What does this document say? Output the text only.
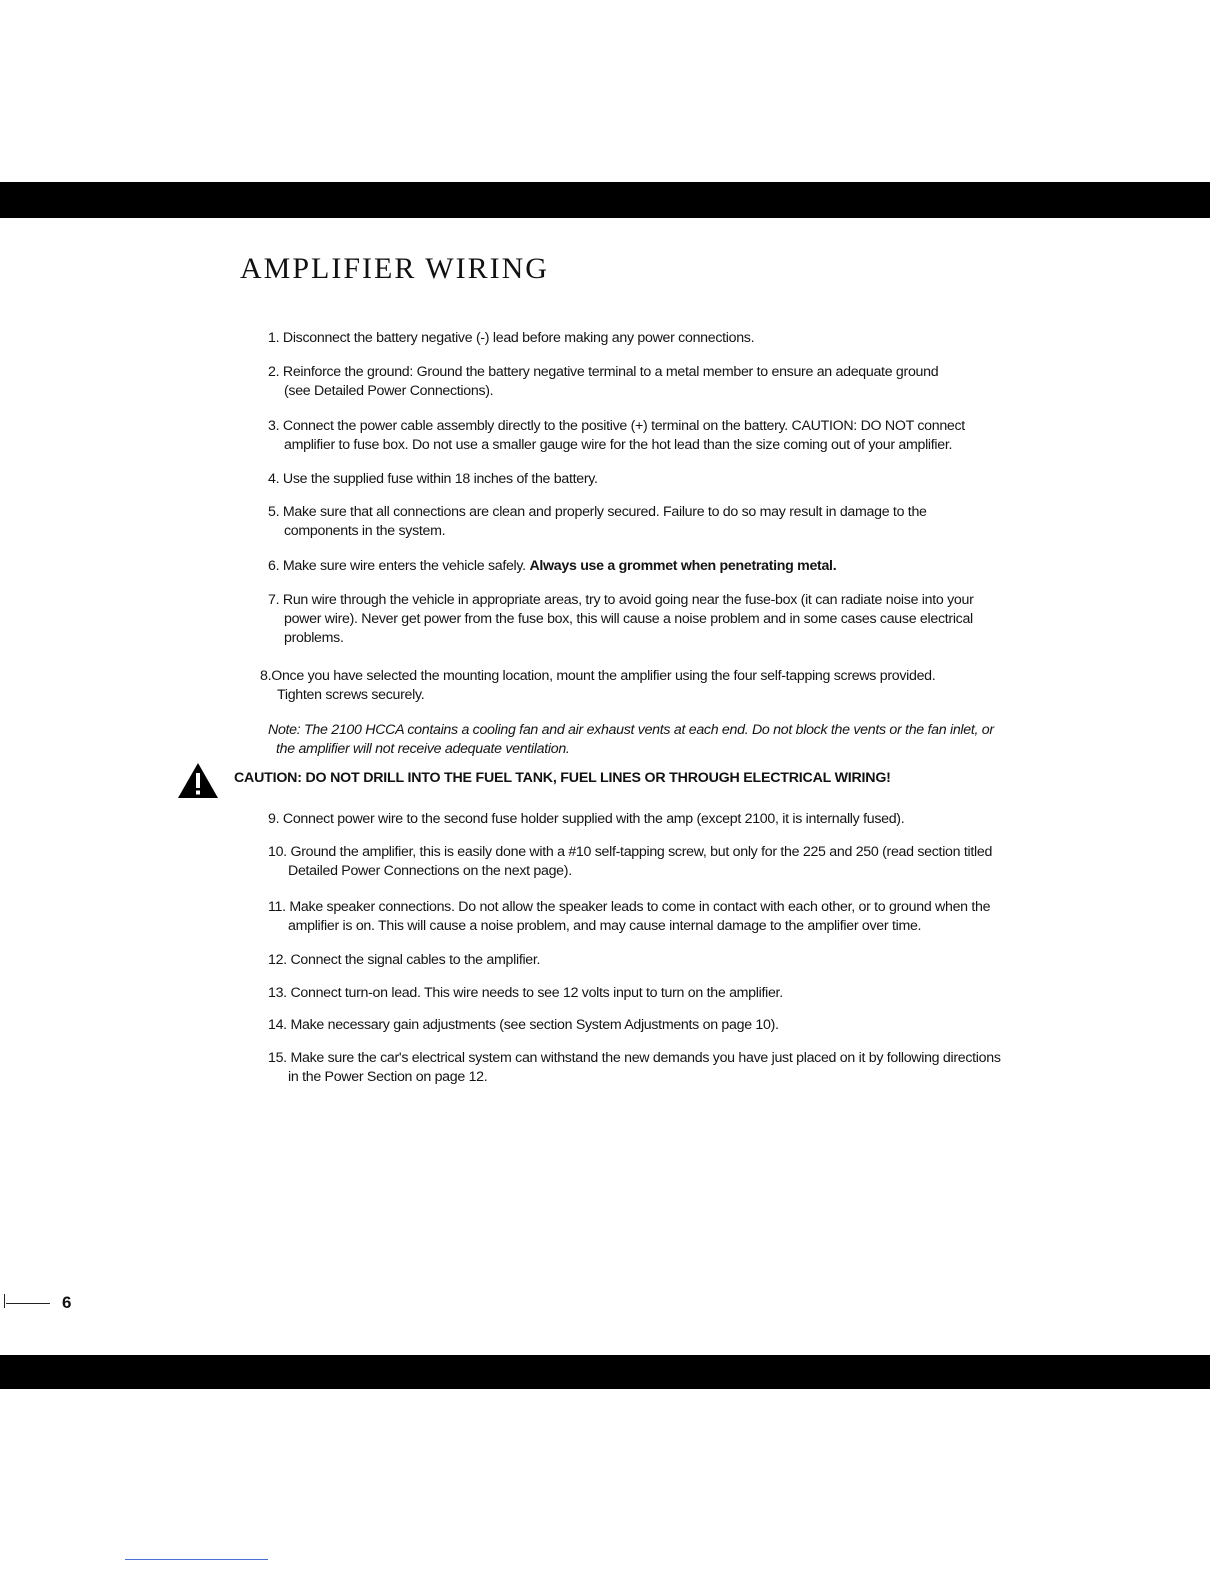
AMPLIFIER WIRING
1. Disconnect the battery negative (-) lead before making any power connections.
2. Reinforce the ground: Ground the battery negative terminal to a metal member to ensure an adequate ground
(see Detailed Power Connections).
3. Connect the power cable assembly directly to the positive (+) terminal on the battery. CAUTION: DO NOT connect
amplifier to fuse box. Do not use a smaller gauge wire for the hot lead than the size coming out of your amplifier.
4. Use the supplied fuse within 18 inches of the battery.
5. Make sure that all connections are clean and properly secured. Failure to do so may result in damage to the
components in the system.
6. Make sure wire enters the vehicle safely. Always use a grommet when penetrating metal.
7. Run wire through the vehicle in appropriate areas, try to avoid going near the fuse-box (it can radiate noise into your
power wire). Never get power from the fuse box, this will cause a noise problem and in some cases cause electrical
problems.
8.Once you have selected the mounting location, mount the amplifier using the four self-tapping screws provided.
Tighten screws securely.
Note: The 2100 HCCA contains a cooling fan and air exhaust vents at each end. Do not block the vents or the fan inlet, or
the amplifier will not receive adequate ventilation.
CAUTION: DO NOT DRILL INTO THE FUEL TANK, FUEL LINES OR THROUGH ELECTRICAL WIRING!
9. Connect power wire to the second fuse holder supplied with the amp (except 2100, it is internally fused).
10. Ground the amplifier, this is easily done with a #10 self-tapping screw, but only for the 225 and 250 (read section titled
Detailed Power Connections on the next page).
11. Make speaker connections. Do not allow the speaker leads to come in contact with each other, or to ground when the
amplifier is on. This will cause a noise problem, and may cause internal damage to the amplifier over time.
12. Connect the signal cables to the amplifier.
13. Connect turn-on lead. This wire needs to see 12 volts input to turn on the amplifier.
14. Make necessary gain adjustments (see section System Adjustments on page 10).
15. Make sure the car's electrical system can withstand the new demands you have just placed on it by following directions
in the Power Section on page 12.
6
